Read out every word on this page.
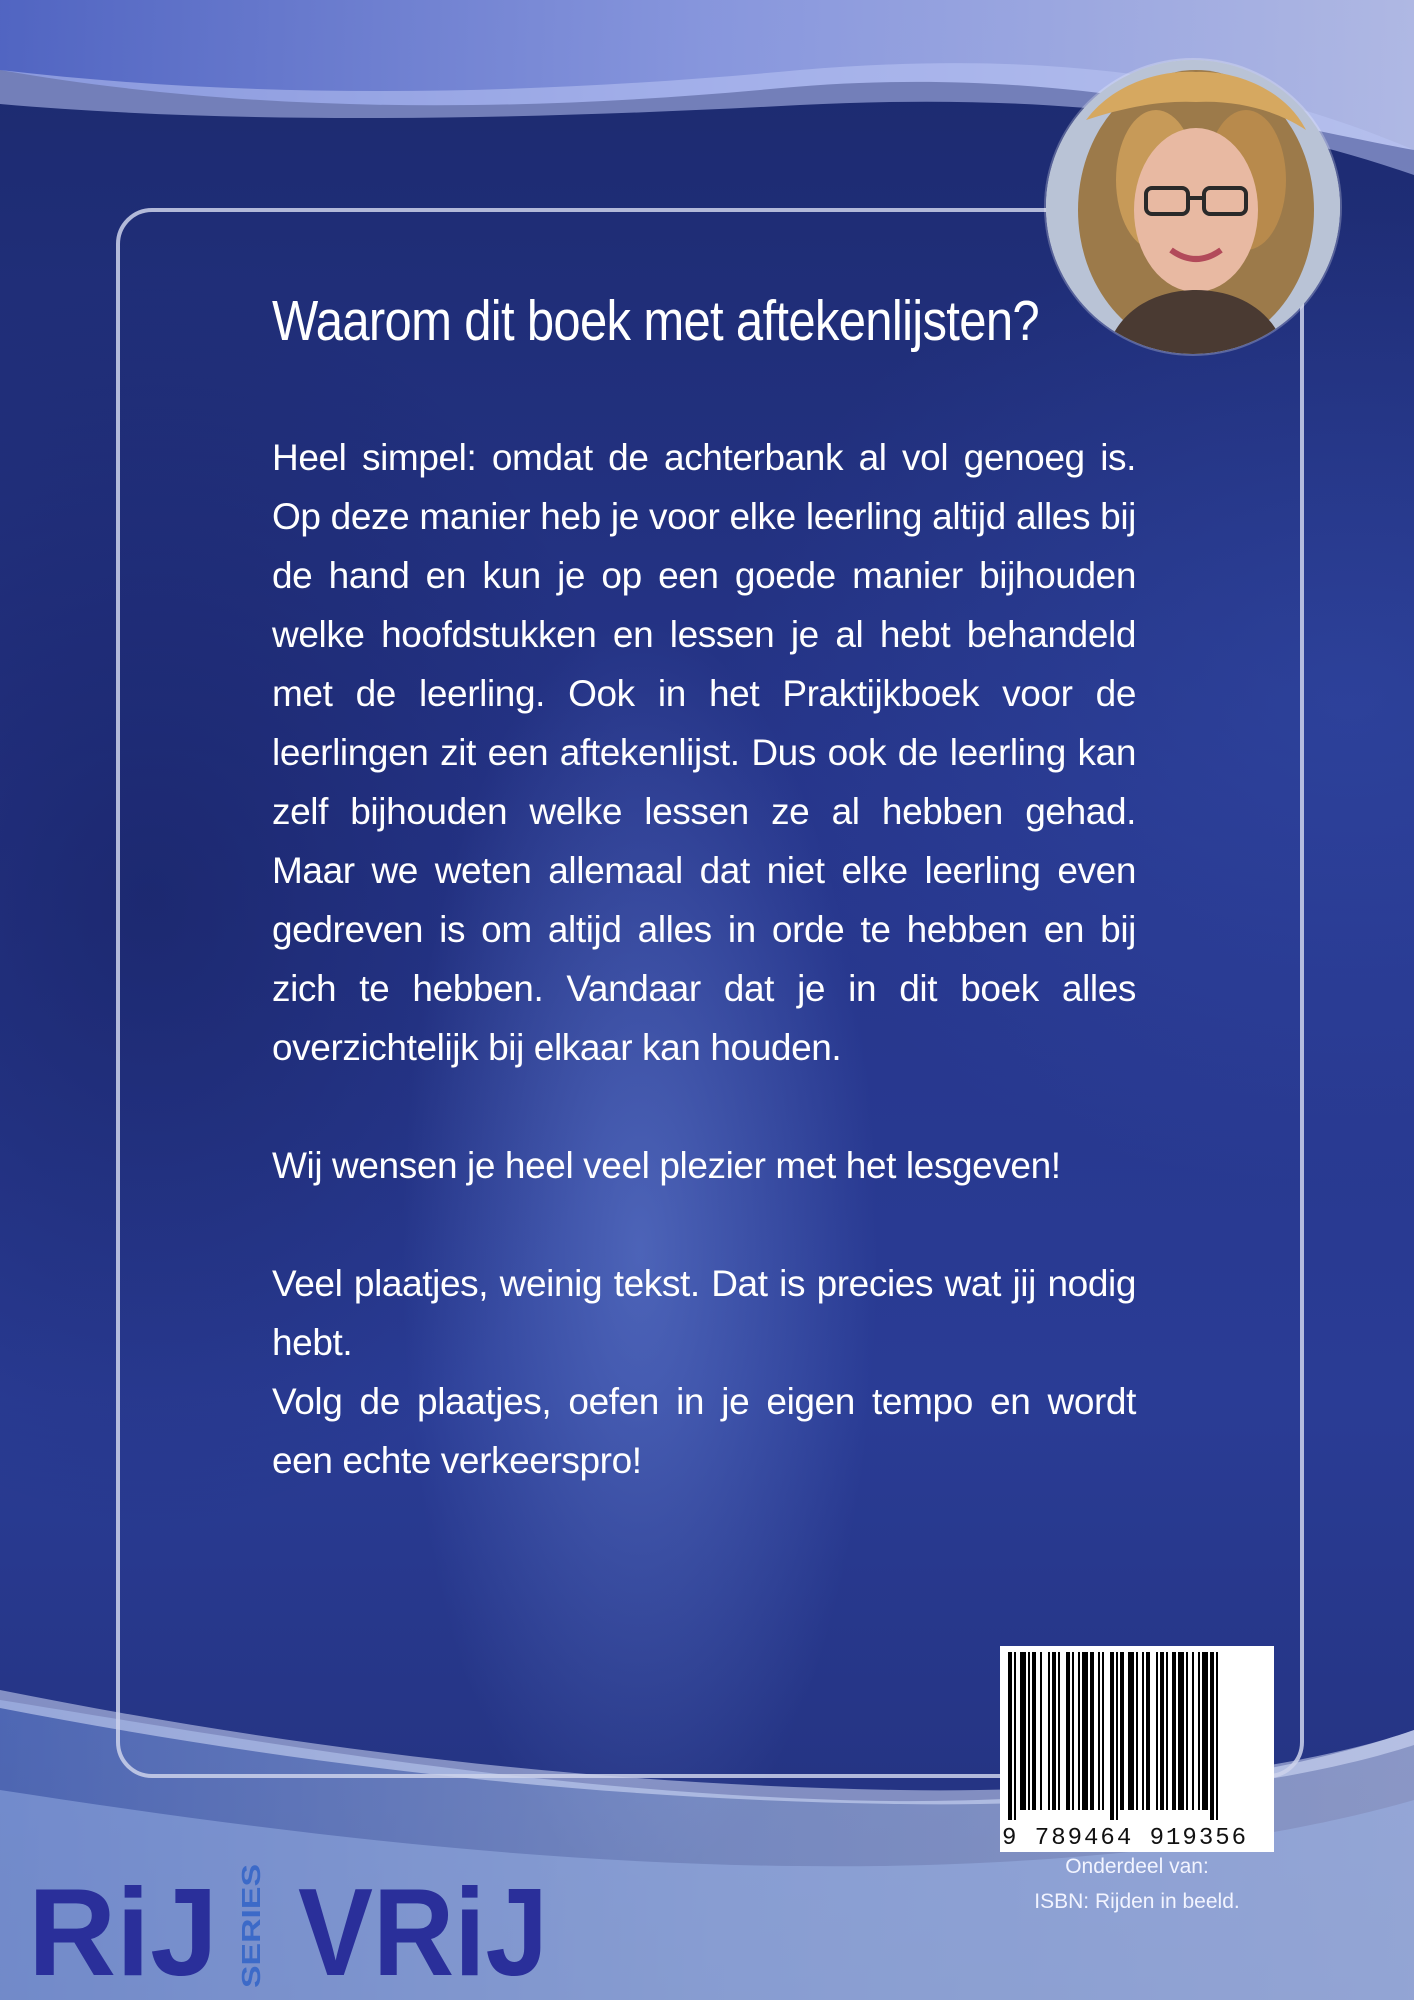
Waarom dit boek met aftekenlijsten?

Heel simpel: omdat de achterbank al vol genoeg is. Op deze manier heb je voor elke leerling altijd alles bij de hand en kun je op een goede manier bijhouden welke hoofdstukken en lessen je al hebt behandeld met de leerling. Ook in het Praktijkboek voor de leerlingen zit een aftekenlijst. Dus ook de leerling kan zelf bijhouden welke lessen ze al hebben gehad. Maar we weten allemaal dat niet elke leerling even gedreven is om altijd alles in orde te hebben en bij zich te hebben. Vandaar dat je in dit boek alles overzichtelijk bij elkaar kan houden.

Wij wensen je heel veel plezier met het lesgeven!

Veel plaatjes, weinig tekst. Dat is precies wat jij nodig hebt.

Volg de plaatjes, oefen in je eigen tempo en wordt een echte verkeerspro!

9 789464 919356
Onderdeel van:
ISBN: Rijden in beeld.
RiJ SERIES VRiJ
